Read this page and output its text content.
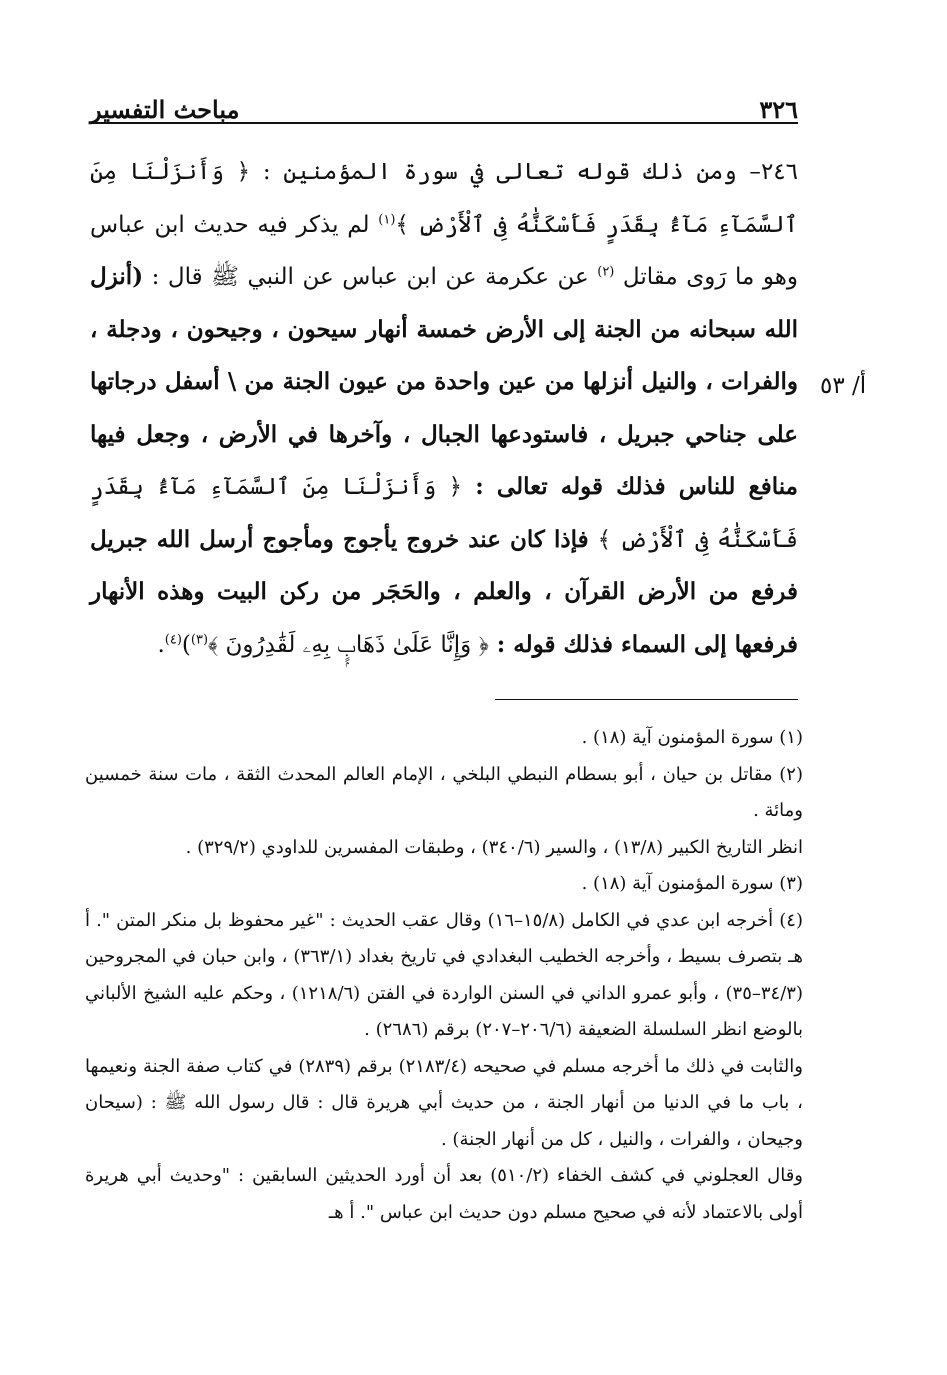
٣٢٦
مباحث التفسير
أ/ ٥٣

٢٤٦– ومن ذلك قوله تعالى في سورة المؤمنين : ﴿ وَأَنزَلْنَا مِنَ ٱلسَّمَآءِ مَآءًۢ بِقَدَرٍ فَأَسْكَنَّٰهُ فِى ٱلْأَرْضِ ﴾$^{(١)}$ لم يذكر فيه حديث ابن عباس وهو ما رَوى مقاتل $^{(٢)}$ عن عكرمة عن ابن عباس عن النبي ﷺ قال : (أنزل الله سبحانه من الجنة إلى الأرض خمسة أنهار سيحون ، وجيحون ، ودجلة ، والفرات ، والنيل أنزلها من عين واحدة من عيون الجنة من \ أسفل درجاتها على جناحي جبريل ، فاستودعها الجبال ، وآخرها في الأرض ، وجعل فيها منافع للناس فذلك قوله تعالى : ﴿ وَأَنزَلْنَا مِنَ ٱلسَّمَآءِ مَآءًۢ بِقَدَرٍ فَأَسْكَنَّٰهُ فِى ٱلْأَرْضِ ﴾ فإذا كان عند خروج يأجوج ومأجوج أرسل الله جبريل فرفع من الأرض القرآن ، والعلم ، والحَجَر من ركن البيت وهذه الأنهار فرفعها إلى السماء فذلك قوله : ﴿ وَإِنَّا عَلَىٰ ذَهَابٍۭ بِهِۦ لَقَٰدِرُونَ ﴾$^{(٣)}$)$^{(٤)}$.

(١) سورة المؤمنون آية (١٨) .

(٢) مقاتل بن حيان ، أبو بسطام النبطي البلخي ، الإمام العالم المحدث الثقة ، مات سنة خمسين ومائة .

انظر التاريخ الكبير (١٣/٨) ، والسير (٣٤٠/٦) ، وطبقات المفسرين للداودي (٣٢٩/٢) .

(٣) سورة المؤمنون آية (١٨) .

(٤) أخرجه ابن عدي في الكامل (١٥/٨–١٦) وقال عقب الحديث : "غير محفوظ بل منكر المتن ". أ هـ بتصرف بسيط ، وأخرجه الخطيب البغدادي في تاريخ بغداد (٣٦٣/١) ، وابن حبان في المجروحين (٣٤/٣–٣٥) ، وأبو عمرو الداني في السنن الواردة في الفتن (١٢١٨/٦) ، وحكم عليه الشيخ الألباني بالوضع انظر السلسلة الضعيفة (٢٠٦/٦–٢٠٧) برقم (٢٦٨٦) .

والثابت في ذلك ما أخرجه مسلم في صحيحه (٢١٨٣/٤) برقم (٢٨٣٩) في كتاب صفة الجنة ونعيمها ، باب ما في الدنيا من أنهار الجنة ، من حديث أبي هريرة قال : قال رسول الله ﷺ : (سيحان وجيحان ، والفرات ، والنيل ، كل من أنهار الجنة) .

وقال العجلوني في كشف الخفاء (٥١٠/٢) بعد أن أورد الحديثين السابقين : "وحديث أبي هريرة أولى بالاعتماد لأنه في صحيح مسلم دون حديث ابن عباس ". أ هـ
